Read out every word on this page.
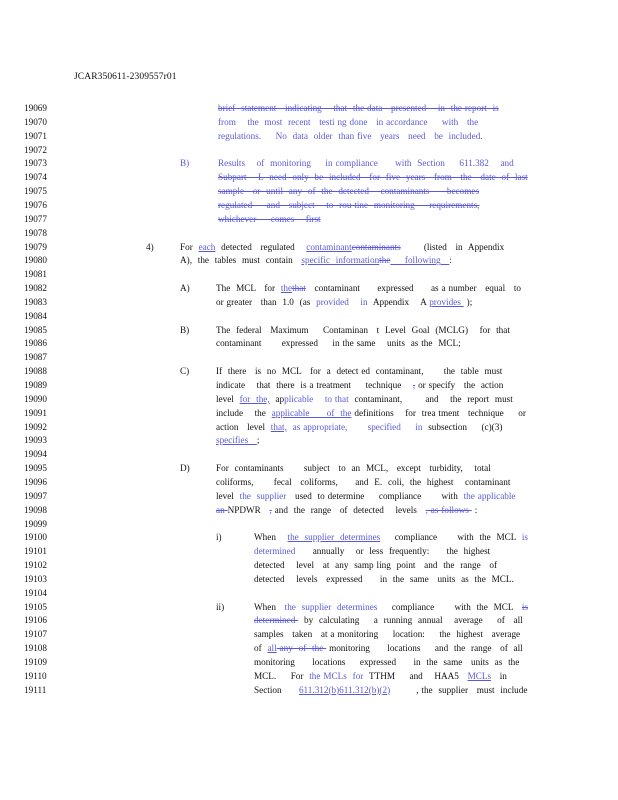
JCAR350611-2309557r01
19069	brief  statement   indicating    that  the data   presented    in  the report  is
19070	from    the  most  recent   testi ng done   in accordance     with   the
19071	regulations.     No  data  older  than five   years   need   be  included.
19072
19073	B)	Results    of  monitoring     in compliance      with  Section     611.382    and
19074	Subpart    L  need  only  be  included   for  five  years   from   the   date  of  last
19075	sample   or  until  any  of  the  detected    contaminants      becomes
19076	regulated     and   subject    to  rou tine  monitoring     requirements,
19077	whichever     comes    first
19078
19079	4)	For  each  detected   regulated    contaminantcontaminants        (listed   in  Appendix
19080	A),  the  tables  must  contain   specific  informationthe     following   :
19081
19082	A)	The  MCL   for  thethat   contaminant      expressed      as a number   equal   to
19083	or greater   than  1.0  (as  provided in  Appendix    A provides  );
19084
19085	B)	The  federal   Maximum     Contaminan   t  Level  Goal  (MCLG)    for  that
19086	contaminant       expressed     in the same    units  as the  MCL;
19087
19088	C)	If  there   is  no  MCL   for  a  detect ed  contaminant,       the  table  must
19089	indicate    that  there  is a treatment     technique    , or specify   the  action
19090	level  for  the,  applicable    to that  contaminant,        and    the  report  must
19091	include    the  applicable      of  the definitions    for  trea tment   technique     or
19092	action   level  that,  as appropriate,       specified     in  subsection     (c)(3)
19093	specifies   ;
19094
19095	D)	For  contaminants       subject   to  an  MCL,   except   turbidity,    total
19096	coliforms,       fecal   coliforms,      and  E.  coli,  the  highest    contaminant
19097	level  the  supplier   used  to determine     compliance       with  the applicable
19098	an NPDWR   , and  the  range   of  detected    levels   , as follows  :
19099
19100	i)	When    the  supplier  determines     compliance       with  the  MCL  is
19101	determined      annually    or  less  frequently:      the  highest
19102	detected    level   at  any  samp ling  point   and  the  range   of
19103	detected    levels   expressed      in  the  same   units  as  the  MCL.
19104
19105	ii)	When   the  supplier  determines     compliance       with  the  MCL   is
19106	determined   by  calculating     a  running  annual    average     of   all
19107	samples   taken   at a monitoring     location:     the  highest   average
19108	of  all any  of  the  monitoring      locations     and  the  range   of  all
19109	monitoring      locations     expressed      in  the  same   units  as  the
19110	MCL.     For  the MCLs  for  TTHM     and    HAA5   MCLs   in
19111	Section      611.312(b)611.312(b)(2)         , the  supplier   must  include
